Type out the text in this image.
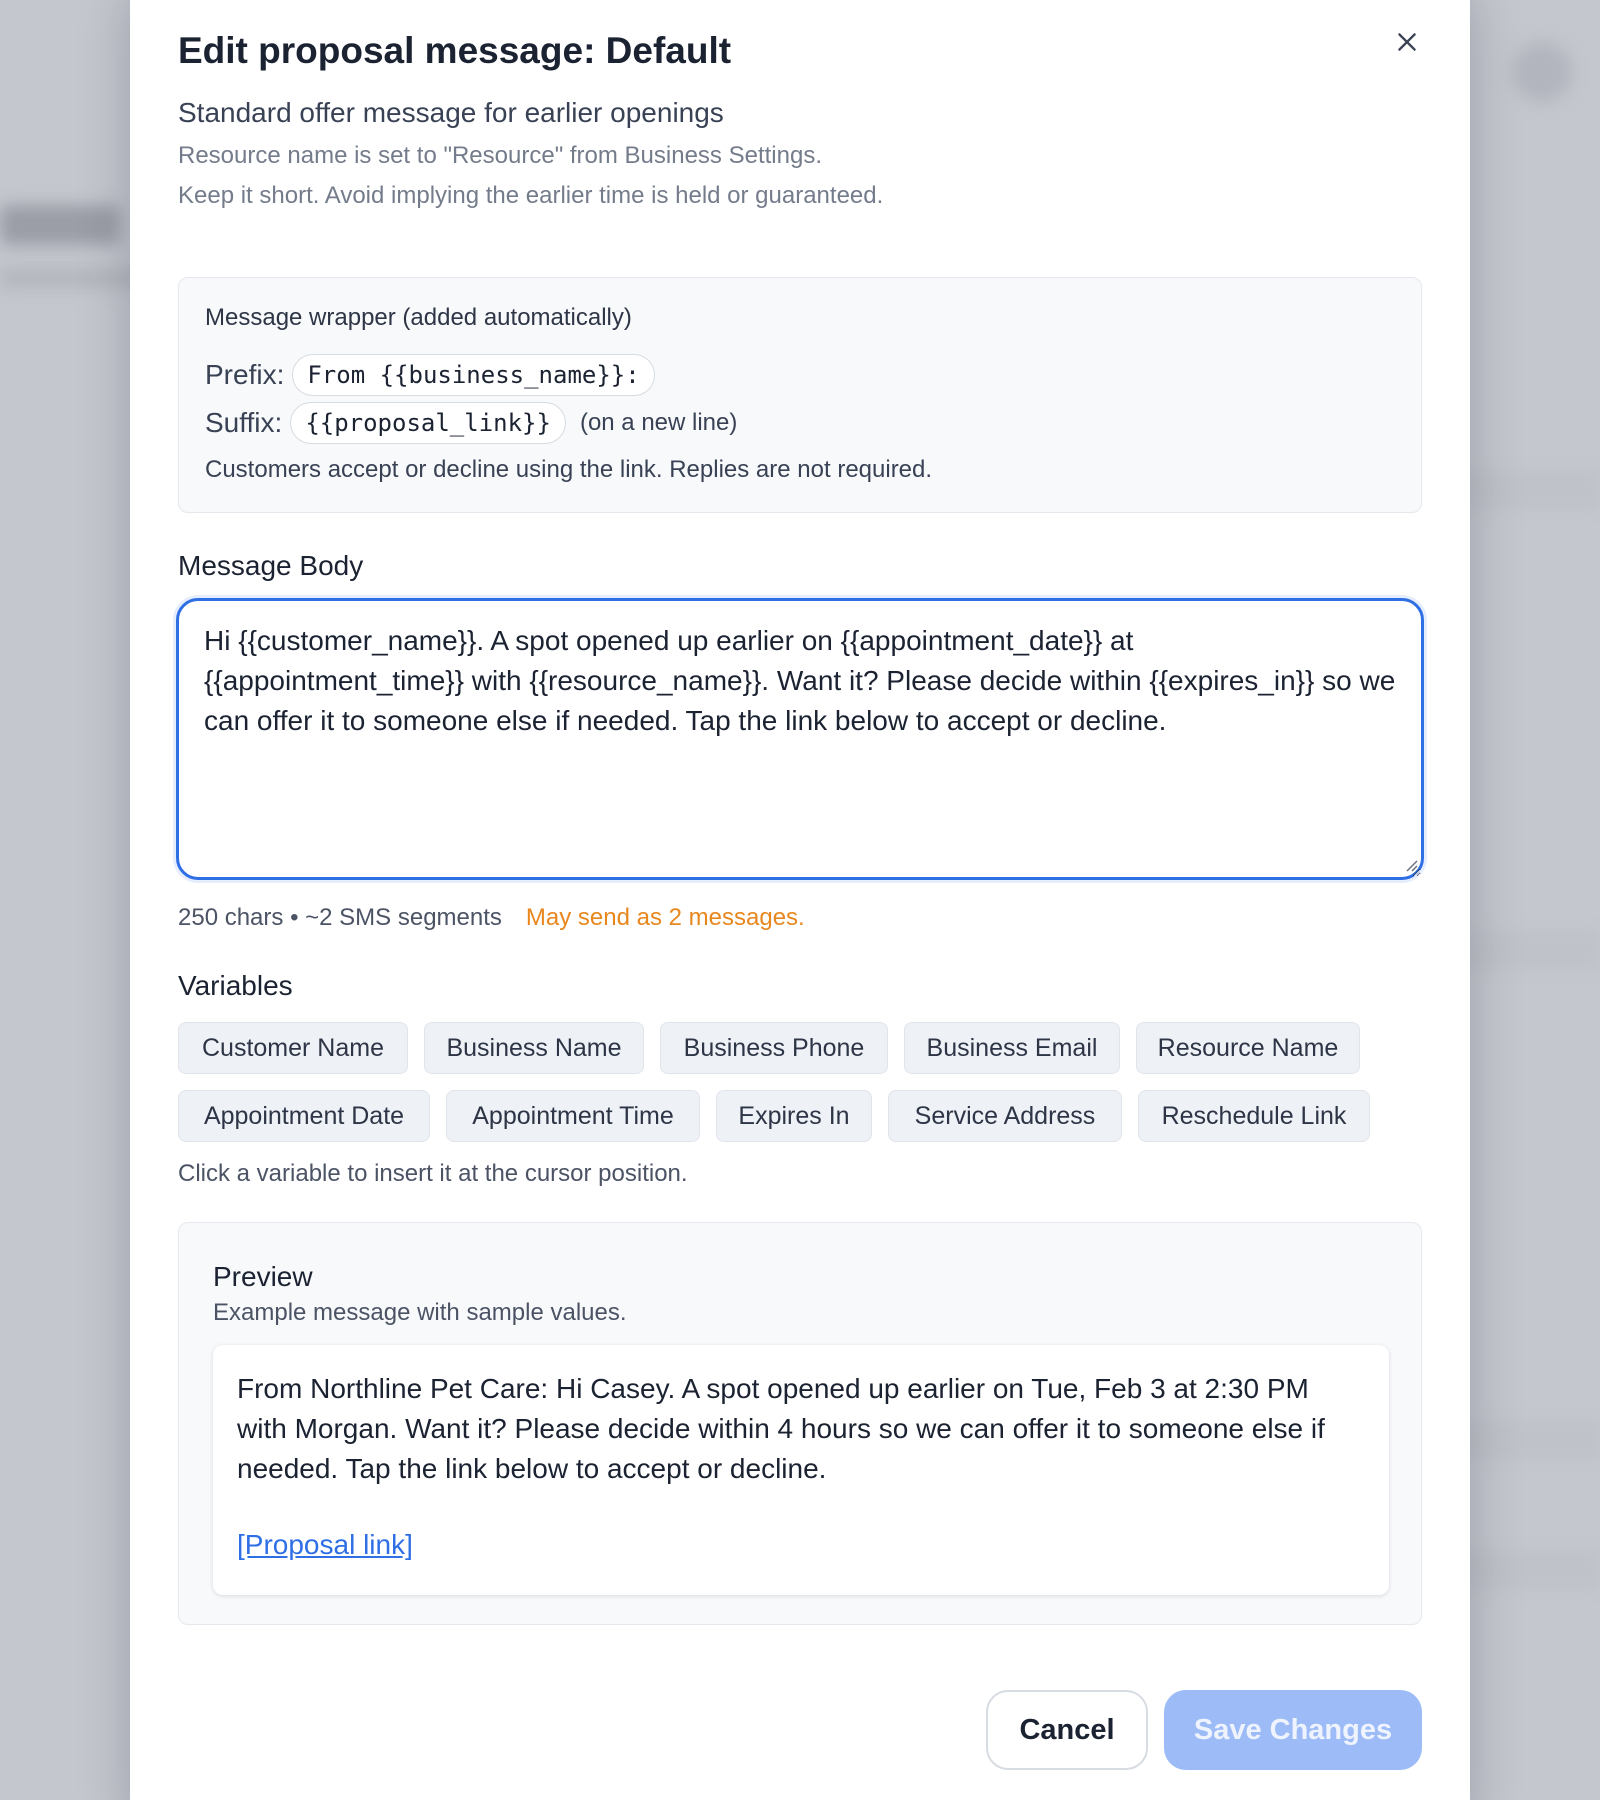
Edit proposal message: Default
Standard offer message for earlier openings
Resource name is set to "Resource" from Business Settings.
Keep it short. Avoid implying the earlier time is held or guaranteed.
Message wrapper (added automatically)
Prefix: From {{business_name}}:
Suffix: {{proposal_link}}	(on a new line)
Customers accept or decline using the link. Replies are not required.
Message Body
Hi {{customer_name}}. A spot opened up earlier on {{appointment_date}} at {{appointment_time}} with {{resource_name}}. Want it? Please decide within {{expires_in}} so we can offer it to someone else if needed. Tap the link below to accept or decline.
250 chars • ~2 SMS segments May send as 2 messages.
Variables
Customer Name	Business Name	Business Phone	Business Email	Resource Name
Appointment Date	Appointment Time	Expires In	Service Address	Reschedule Link
Click a variable to insert it at the cursor position.
Preview
Example message with sample values.
From Northline Pet Care: Hi Casey. A spot opened up earlier on Tue, Feb 3 at 2:30 PM with Morgan. Want it? Please decide within 4 hours so we can offer it to someone else if needed. Tap the link below to accept or decline.
[Proposal link]
Cancel	Save Changes
